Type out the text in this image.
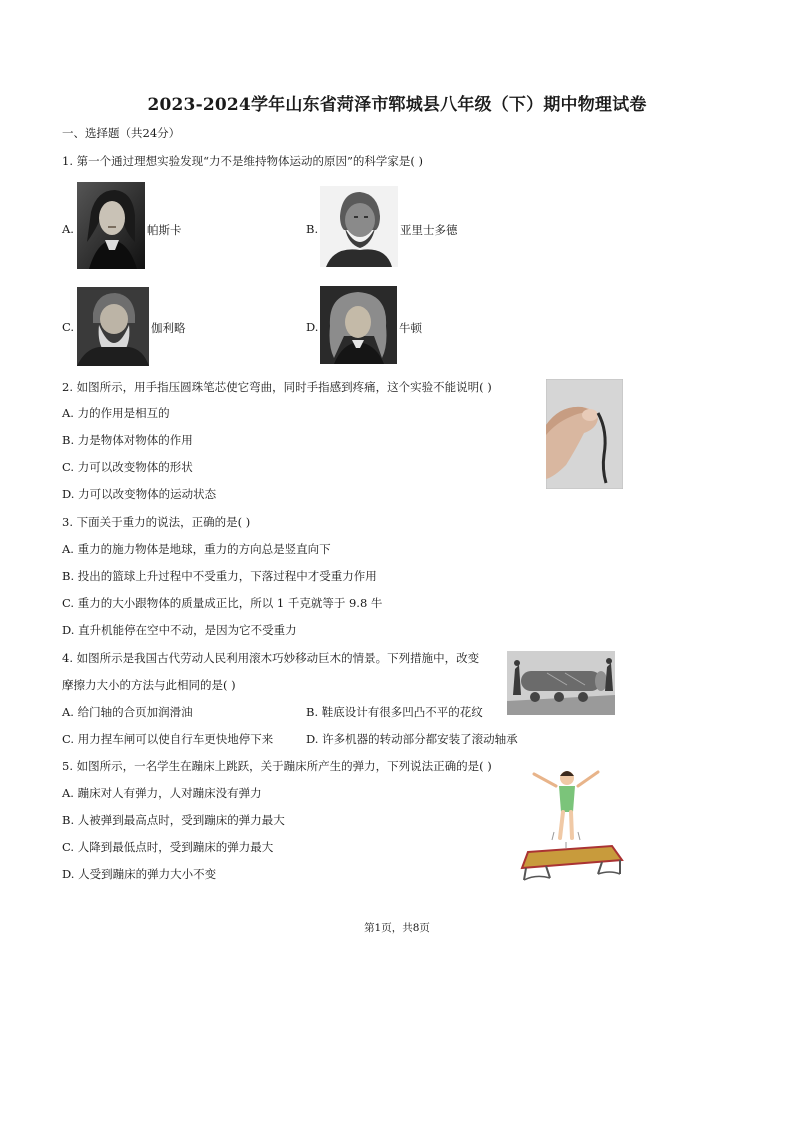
2023-2024学年山东省菏泽市郓城县八年级（下）期中物理试卷
一、选择题（共24分）
1. 第一个通过理想实验发现“力不是维持物体运动的原因”的科学家是( )
A.	帕斯卡	B.	亚里士多德
C.	伽利略	D.	牛顿
2. 如图所示，用手指压圆珠笔芯使它弯曲，同时手指感到疼痛，这个实验不能说明( )
A. 力的作用是相互的
B. 力是物体对物体的作用
C. 力可以改变物体的形状
D. 力可以改变物体的运动状态
3. 下面关于重力的说法，正确的是( )
A. 重力的施力物体是地球，重力的方向总是竖直向下
B. 投出的篮球上升过程中不受重力，下落过程中才受重力作用
C. 重力的大小跟物体的质量成正比，所以 1 千克就等于 9.8 牛
D. 直升机能停在空中不动，是因为它不受重力
4. 如图所示是我国古代劳动人民利用滚木巧妙移动巨木的情景。下列措施中，改变
摩擦力大小的方法与此相同的是( )
A. 给门轴的合页加润滑油	B. 鞋底设计有很多凹凸不平的花纹
C. 用力捏车闸可以使自行车更快地停下来	D. 许多机器的转动部分都安装了滚动轴承
5. 如图所示，一名学生在蹦床上跳跃，关于蹦床所产生的弹力，下列说法正确的是( )
A. 蹦床对人有弹力，人对蹦床没有弹力
B. 人被弹到最高点时，受到蹦床的弹力最大
C. 人降到最低点时，受到蹦床的弹力最大
D. 人受到蹦床的弹力大小不变
第1页，共8页
